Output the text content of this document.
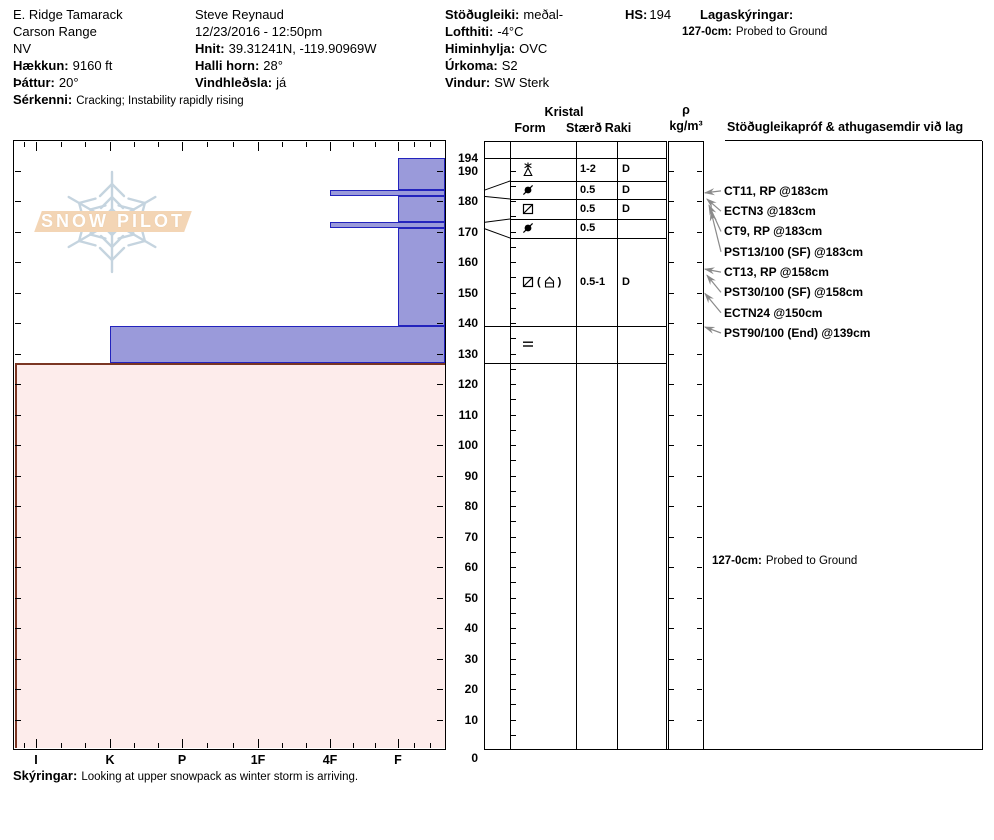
E. Ridge Tamarack
Carson Range
NV
Hækkun: 9160 ft
Þáttur: 20°
Sérkenni: Cracking; Instability rapidly rising
Steve Reynaud
12/23/2016 - 12:50pm
Hnit: 39.31241N, -119.90969W
Halli horn: 28°
Vindhleðsla: já
Stöðugleiki: meðal-
Lofthiti: -4°C
Himinhylja: OVC
Úrkoma: S2
Vindur: SW Sterk
HS: 194 Lagaskýringar:
127-0cm: Probed to Ground
SNOW PILOT
Kristal
Form	Stærð Raki
ρ
kg/m³	Stöðugleikapróf & athugasemdir við lag
Skýringar: Looking at upper snowpack as winter storm is arriving.
127-0cm: Probed to Ground
194
190
180
170
160
150
140
130
120
110
100
90
80
70
60
50
40
30
20
10
0
I	K	P	1F	4F	F
1-2 D
0.5 D
0.5 D
0.5
( ) 0.5-1 D
CT11, RP @183cm
ECTN3 @183cm
CT9, RP @183cm
PST13/100 (SF) @183cm
CT13, RP @158cm
PST30/100 (SF) @158cm
ECTN24 @150cm
PST90/100 (End) @139cm
